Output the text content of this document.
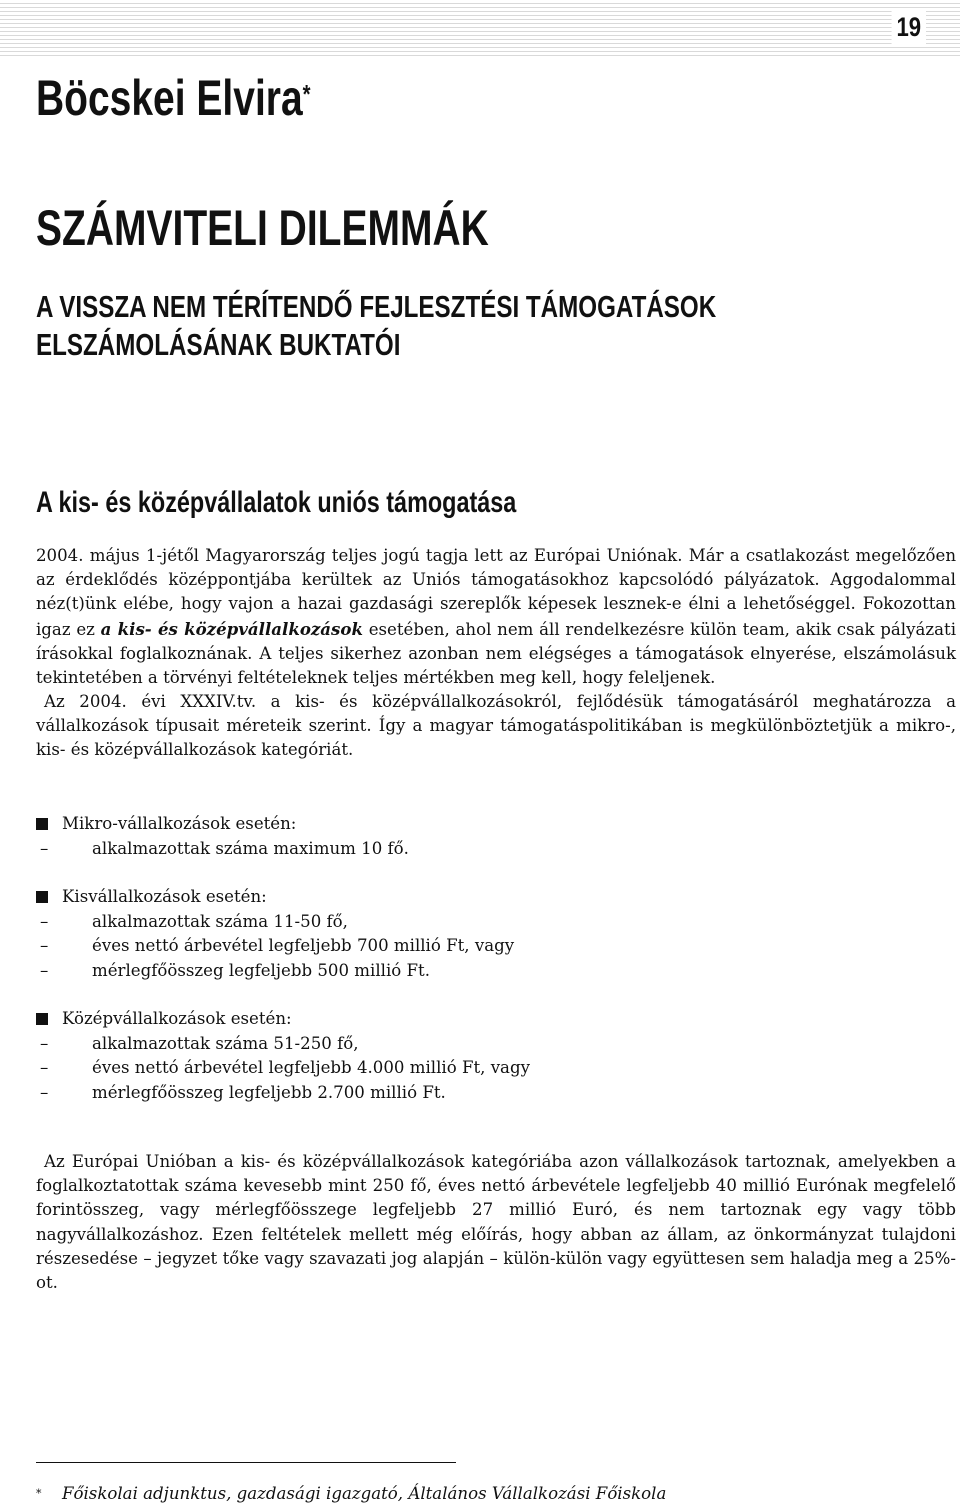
19
Böcskei Elvira*
SZÁMVITELI DILEMMÁK
A VISSZA NEM TÉRÍTENDŐ FEJLESZTÉSI TÁMOGATÁSOK
ELSZÁMOLÁSÁNAK BUKTATÓI
A kis- és középvállalatok uniós támogatása

2004. május 1-jétől Magyarország teljes jogú tagja lett az Európai Uniónak. Már a csatlakozást megelőzően az érdeklődés középpontjába kerültek az Uniós támogatásokhoz kapcsolódó pályázatok. Aggodalommal néz(t)ünk elébe, hogy vajon a hazai gazdasági szereplők képesek lesznek-e élni a lehetőséggel. Fokozottan igaz ez a kis- és középvállalkozások esetében, ahol nem áll rendelkezésre külön team, akik csak pályázati írásokkal foglalkoznának. A teljes sikerhez azonban nem elégséges a támogatások elnyerése, elszámolásuk tekintetében a törvényi feltételeknek teljes mértékben meg kell, hogy feleljenek.

Az 2004. évi XXXIV.tv. a kis- és középvállalkozásokról, fejlődésük támogatásáról meghatározza a vállalkozások típusait méreteik szerint. Így a magyar támogatáspolitikában is megkülönböztetjük a mikro-, kis- és középvállalkozások kategóriát.

Mikro-vállalkozások esetén:
–	alkalmazottak száma maximum 10 fő.
Kisvállalkozások esetén:
–	alkalmazottak száma 11-50 fő,
–	éves nettó árbevétel legfeljebb 700 millió Ft, vagy
–	mérlegfőösszeg legfeljebb 500 millió Ft.
Középvállalkozások esetén:
–	alkalmazottak száma 51-250 fő,
–	éves nettó árbevétel legfeljebb 4.000 millió Ft, vagy
–	mérlegfőösszeg legfeljebb 2.700 millió Ft.

Az Európai Unióban a kis- és középvállalkozások kategóriába azon vállalkozások tartoznak, amelyekben a foglalkoztatottak száma kevesebb mint 250 fő, éves nettó árbevétele legfeljebb 40 millió Eurónak megfelelő forintösszeg, vagy mérlegfőösszege legfeljebb 27 millió Euró, és nem tartoznak egy vagy több nagyvállalkozáshoz. Ezen feltételek mellett még előírás, hogy abban az állam, az önkormányzat tulajdoni részesedése – jegyzet tőke vagy szavazati jog alapján – külön-külön vagy együttesen sem haladja meg a 25%-ot.

* Főiskolai adjunktus, gazdasági igazgató, Általános Vállalkozási Főiskola
